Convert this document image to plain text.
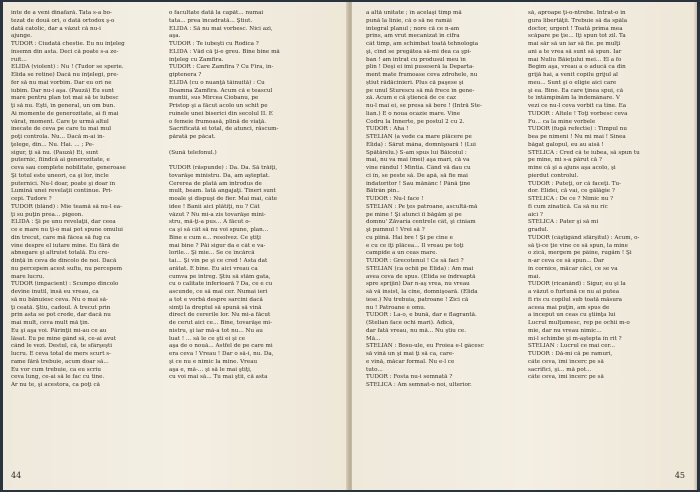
inte de a veni dinafară. Tata s-a bo-
tezat de două ori, o dată ortodox ş-o
dată catolic, dar a văzut că nu-i
ajunge.
TUDOR : Ciudată chestie. Eu nu înţeleg
însemn din asta. Deci că poate s-a ze-
ruit...
ELIDA (violent) : Nu ! (Tudor se sperie.
Elida se retine) Dacă nu înţelegi, pre-
fer să nu mai vorbim. Dar eu ori ne
iubim. Dar nu-i aşa. (Pauză) Eu sunt
mare pentru plan tot mai să te iubesc
ţi să nu. Eşti, în general, un om bun.
Ai momente de generozitate, ai fi mai
vărat, moment. Care ţe urmă altul
înecate de ceva pe care tu mai mul
poţi controla. Nu... Dacă m-ai în-
ţelege, din... Nu. Hai. ... ; Pe-
sigur, ţi să nu. (Pauză) Ei, sunt
puternic, fiindcă ai generozitate, e
ceva sau complete nobilitate, generoase
Şi totul este uneori, ca şi lor, încle
puternici. Nu-l doar, poate şi doar în
Lumină unei revelaţii continue. Pri-
cepi. Tudore ?
TUDOR (blând) : Mie teamă să nu-l ea-
ţi su puţin prea... pigeon.
ELIDA : Şi pe unu revelaţii, dar ceea
ce e mare nu ţi-o mai pot spune omului
din trecut, care mă făcea să fug ca
vine despre el iutare mine. Eu fără de
abnegare şi altruist totală. Eu cre-
dință în ceva de dincolo de noi. Dacă
nu percepem acest sufiu, nu percepem
mare lucru.
TUDOR (impacient) : Scumpo dincolo
devine inutil, însă eu vreau, ca
să nu bănuiesc ceva. Nu o mai să-
ţi ceată. Ştiu, cadoul. A trecut prin
prin asta se pot crede, dar dacă nu
mai mult, ceva mult mă ţin.
Eu şi aşa voi. Părinţii mi-au ce au
lăsat. Eu pe mine gând să, ce-ai avut
când le vezi. Destul, că, te sfârşeşti
lucru. E ceva total de mers scurt s-
rame fără trebuie, acum doar să...
Eu vor cum trebuie, ca eu scriu
ceva lung, ce-ai să le fac cu tine.
Ar nu te, şi acestora, ca poţi că
o facultate dată la capăt... numai
tata... prea încadrată... Ştiut.
ELIDA : Să nu mai vorbesc. Nici azi,
aşa.
TUDOR : Te iubeşti cu Rodica ?
ELIDA : Văd că ţi-e greu. Bine bine mă
înţeleg cu Zamfira.
TUDOR : Care Zamfira ? Cu Fira, in-
giptenera ?
ELIDA (cu o nuanţă tăinuită) : Cu
Doamna Zamfira. Acum că e teascul
muntii, sus Mircea Ciobanu, pe
Pristop şi a făcut acolo un schit pe
ruinele unei biserici din secolul II. E
o femeie frumoasă, plină de viaţă.
Sacrificată ei total, de atunci, răscum-
părată pe păcat.
(Sună telefonul.)
TUDOR (răspunde) : Da. Da. Să trăiţi,
tovarăşe ministru. Da, am aşteptat.
Cererea de plată am introdus de
mult, beam. Iată angajaţi. Tineri sunt
moale şi dispuşi de fier. Mai mai, câte
idee ! Banii aici plătiţi, nu ? Cât
văzut ? Nu mi-a zis tovarăşe mini-
stru, mă-ţi-a pus... A făcut o-
ca şi să cât să nu voi spune, plan...
Bine e cum e... resolvez. Ce ştiţi
mai bine ? Păi sigur da e cât e va-
lorile... Şi mie... Se ce încărcă
tai... Şi vin pe şi ce cred ! Asta dat
arătat. E bine. Eu aici vreau ca
cumva pe întreg. Ştiu să stăm gata,
cu o calitate inferioară ? Da, ce e cu
ascunde, ce să mai cer. Numai ieri
a tot e vorbă despre sarcini dacă
simţi la dreptul să spună să vină
direct de cererile lor. Nu mi-a făcut
de cerut aici ce... Bine, tovarăşe mi-
nistru, şi iar mă-a tot nu... Nu au
luat ! ... să le ce şti ei şi ce
aşa de o nouă... Astfel de pe care mi
era ceva ! Vreau ! Dar o să-i, nu. Da,
şi ce nu e nimic la mine. Vreau
aşa e, mă-... şi să le mai ştiţi,
cu voi mai să... Tu mai ştii, că asta
44
a altă unitate ; în acelaşi timp mă
pună la linie, că o să ne ramâi
integral planul ; nore că ce n-am
prins, am vrut mecanizat în cifra
cât timp, am schimbat toată tehnologia
şi, cînd se pregătea să-mi dea ca şpi-
ban ! am intrat cu produsul meu în
plin ! Deşi ei îmi puseseră la Departa-
ment mate frumoase ceva zdrohele, nu
știut rădăcinieri. Plus că paşese şi
pe unul Sturescu să mă frece în gene-
ză. Acum e că ştiencă de ce caz
nu-l mai ei, se presa să bere ! (Intră Ste-
lian.) E o noua ocazie mare. Vine
Codru la Înnerte, pe postul 2 cu 2.
TUDOR : Aha !
STELIAN (a vede ca mare plăcere pe
Elida) : Sărut mâna, domnişoară ! (Lui
Spătărelu.) S-am spus lui Băicoiul :
mai, nu va mai (mei) aşa mari, că va
vine rândul ! Mintia. Când vă dau cu
ci în, se peste să. De apă, să fie mai
îndatoritor ! Sau mănânc ! Până ţine
Bătrân pin..
TUDOR : Nu-l face !
STELIAN : Pe ţes patroane, ascultă-mă
pe mine ! Şi atunci îi băgăm şi pe
domnu' Zăvaria centrele cât, şi ciniam
şi pumnul ! Vrei să ?
cu pîină. Hai bre ! Şi pe cine e
e cu ce îţi plăcea... Îl vreau pe toţi
campide a un ceas mare.
TUDOR : Grecotenul ! Ce să faci ?
STELIAN (ca ochii pe Elida) : Am mai
avea ceva de spus. (Elida se îndreaptă
spre sprijin) Dar n-aş vrea, nu vreau
să vă insist, la cine, domnişoară. (Elida
iese.) Nu trebuia, patroane ! Zici că
nu ! Patroane e omu.
TUDOR : La-o, e bună, dar e flagrantă.
(Stelian face ochi mari). Adică,
dar fată vreau, nu mă... Nu ştiu ce.
Mă...
STELIAN : Bosu-ule, eu Froiea e-l gâcesc
să vină un şi mai ţi să ca, care-
e vină, măcar formal. Nu e-l ce
tuto...
TUDOR : Fosta nu-i semnată ?
STELICĂ : Am semnat-o noi, ulterior.
să, aproape ţi-o-ntrebe. Intrat-o în
gura libertăţii. Trebuie să da spăla
doctor, urgent ! Toată prima mea
scăpare pe ţie... Îţi spun tot zil. Ta
mai săr să un iar să fie. pe mulţi
ani a te vrea să sunt să spun. Iar
mai Nuliu Băieţului mei... El a fo
Begim aşa, vreau a o aducă ca din
grijă hai, a venit copilu grijul al
meu... Sunt şi o eligie aici care
şi ea. Bine. Ea care ţinea spui, că
te întâmpinăm la îndemânare. V
vezi ce nu-l ceva vorbit ca tine. Ea
TUDOR : Altele ! Toţi vorbesc ceva
Fu... ca la mine vorbele
TUDOR (fugă refectie) : Timpul nu
bea pe nimeni ! Nu mi mai ! Sinea
băgat galopul, eu au aisă !
STELICĂ : Cred că te iubea, să spun tu
pe mine, mi s-a părut că ?
mine că şi a ajuns aşa acolo, şi
pierdut controlul.
TUDOR : Puteţi, or că faceţi. Tu-
dor. Elidei, că vai, ce gălăgie ?
STELICĂ : De ce ? Nimic nu ?
fi cum zinatică. Ca să nu rîc
aici ?
STELICĂ : Pater şi să mi
gradul.
TUDOR (câştigând sfârşitul) : Acum, o-
să ţi-ce ţie vine ce să spun, la mine
o zică, mergem pe pâine, rugăm ! Şi
n-ar ceva ce să spun... Dar
în cornice, măcar căci, ce se va
mai.
TUDOR (ricanând) : Sigur, eu şi la
a văzut o furtună ce nu ai putea
fi rîs cu copilul sub toată măsura
aceea mai puţin, am spus de
a început un ceas cu ştiinţa lui
Lucrul mulţumesc, rep pe ochii m-o
mie, dar nu vreau nimic...
mi-l schimbe şi m-aştepta în rit ?
STELIAN : Lucrul ce mai cer...
TUDOR : Dă-mi că pe ramuri,
câte ceva, îmi încerc pe să
sacrifici, şi... mă pot...
câte ceva, îmi încerc pe să
45
